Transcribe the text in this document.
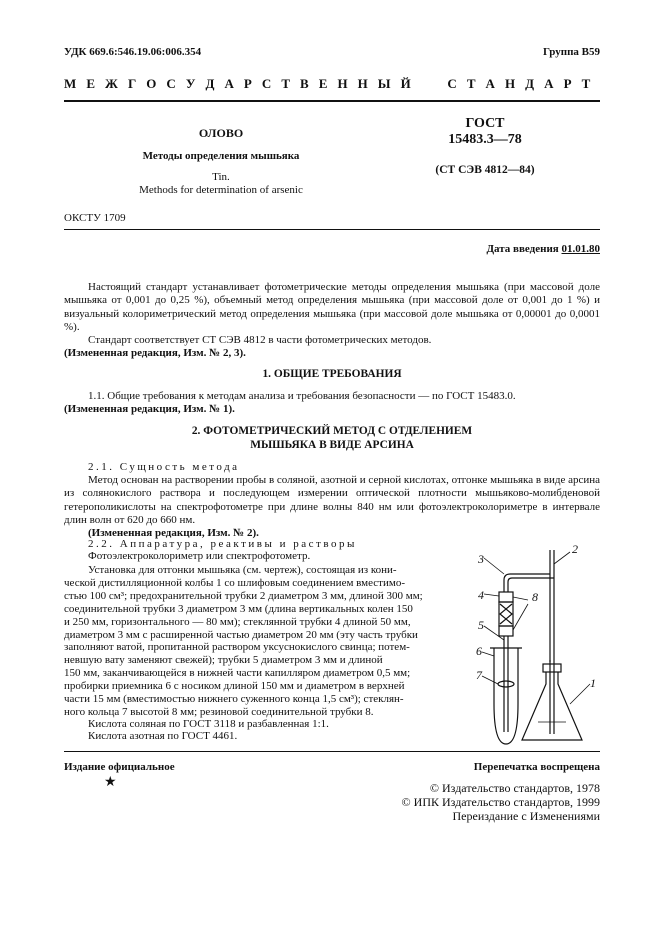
УДК 669.6:546.19.06:006.354	Группа В59
М Е Ж Г О С У Д А Р С Т В Е Н Н Ы Й     С Т А Н Д А Р Т
ОЛОВО
Методы определения мышьяка
Tin.
Methods for determination of arsenic
ГОСТ
15483.3—78
(СТ СЭВ 4812—84)
ОКСТУ 1709
Дата введения 01.01.80
Настоящий стандарт устанавливает фотометрические методы определения мышьяка (при массовой доле мышьяка от 0,001 до 0,25 %), объемный метод определения мышьяка (при массовой доле от 0,001 до 1 %) и визуальный колориметрический метод определения мышьяка (при массовой доле мышьяка от 0,00001 до 0,0001 %).
Стандарт соответствует СТ СЭВ 4812 в части фотометрических методов.
(Измененная редакция, Изм. № 2, 3).
1. ОБЩИЕ ТРЕБОВАНИЯ
1.1. Общие требования к методам анализа и требования безопасности — по ГОСТ 15483.0.
(Измененная редакция, Изм. № 1).
2. ФОТОМЕТРИЧЕСКИЙ МЕТОД С ОТДЕЛЕНИЕМ
МЫШЬЯКА В ВИДЕ АРСИНА
2.1. Сущность метода
Метод основан на растворении пробы в соляной, азотной и серной кислотах, отгонке мышьяка в виде арсина из солянокислого раствора и последующем измерении оптической плотности мышьяково-молибденовой гетерополикислоты на спектрофотометре при длине волны 840 нм или фотоэлектроколориметре в интервале длин волн от 620 до 660 нм.
(Измененная редакция, Изм. № 2).
2.2. Аппаратура, реактивы и растворы
Фотоэлектроколориметр или спектрофотометр.
Установка для отгонки мышьяка (см. чертеж), состоящая из кони-
ческой дистилляционной колбы 1 со шлифовым соединением вместимо-
стью 100 см³; предохранительной трубки 2 диаметром 3 мм, длиной 300 мм;
соединительной трубки 3 диаметром 3 мм (длина вертикальных колен 150
и 250 мм, горизонтального — 80 мм); стеклянной трубки 4 длиной 50 мм,
диаметром 3 мм с расширенной частью диаметром 20 мм (эту часть трубки
заполняют ватой, пропитанной раствором уксуснокислого свинца; потем-
невшую вату заменяют свежей); трубки 5 диаметром 3 мм и длиной
150 мм, заканчивающейся в нижней части капилляром диаметром 0,5 мм;
пробирки приемника 6 с носиком длиной 150 мм и диаметром в верхней
части 15 мм (вместимостью нижнего суженного конца 1,5 см³); стеклян-
ного кольца 7 высотой 8 мм; резиновой соединительной трубки 8.
Кислота соляная по ГОСТ 3118 и разбавленная 1:1.
Кислота азотная по ГОСТ 4461.
3
2
4	8
5
6
7
1
Издание официальное
★
Перепечатка воспрещена
© Издательство стандартов, 1978
© ИПК Издательство стандартов, 1999
Переиздание с Изменениями
